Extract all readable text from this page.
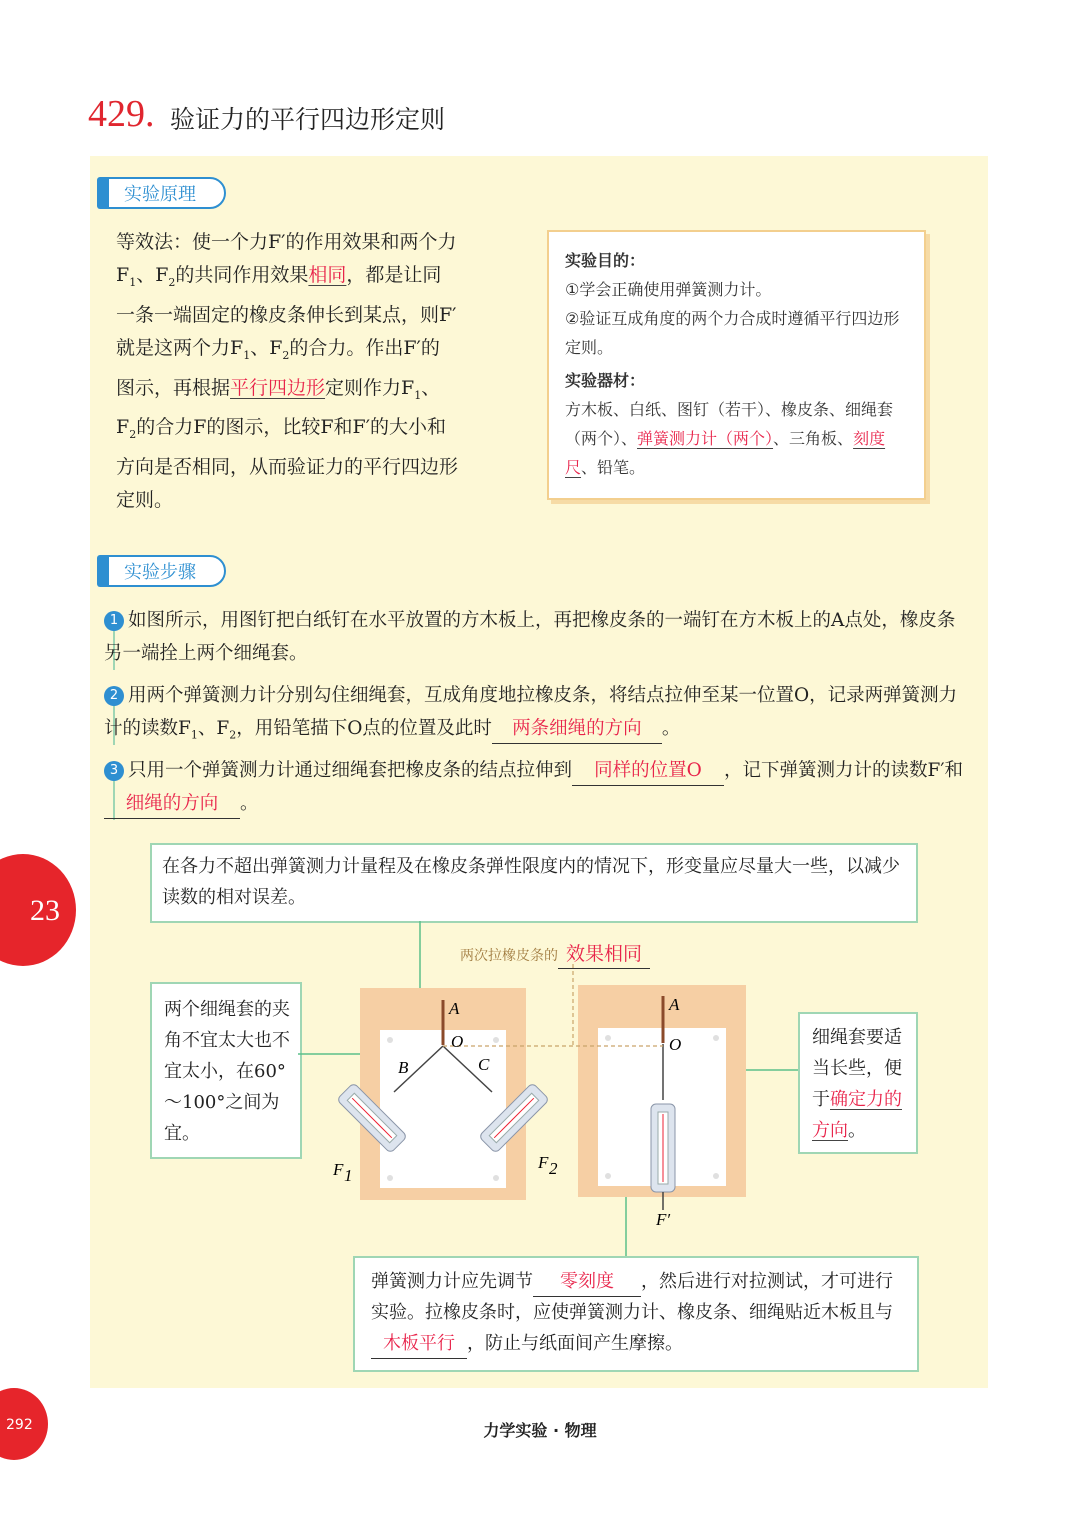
429. 验证力的平行四边形定则
实验原理
等效法：使一个力F′的作用效果和两个力$F_1$、$F_2$的共同作用效果相同，都是让同一条一端固定的橡皮条伸长到某点，则F′就是这两个力$F_1$、$F_2$的合力。作出F′的图示，再根据平行四边形定则作力$F_1$、$F_2$的合力F的图示，比较F和F′的大小和方向是否相同，从而验证力的平行四边形定则。
实验目的：
①学会正确使用弹簧测力计。
②验证互成角度的两个力合成时遵循平行四边形定则。
实验器材：
方木板、白纸、图钉（若干）、橡皮条、细绳套（两个）、弹簧测力计（两个）、三角板、刻度尺、铅笔。
实验步骤
1 如图所示，用图钉把白纸钉在水平放置的方木板上，再把橡皮条的一端钉在方木板上的A点处，橡皮条另一端拴上两个细绳套。
2 用两个弹簧测力计分别勾住细绳套，互成角度地拉橡皮条，将结点拉伸至某一位置O，记录两弹簧测力计的读数$F_1$、$F_2$，用铅笔描下O点的位置及此时 两条细绳的方向 。
3 只用一个弹簧测力计通过细绳套把橡皮条的结点拉伸到 同样的位置O ，记下弹簧测力计的读数F′和细绳的方向 。
在各力不超出弹簧测力计量程及在橡皮条弹性限度内的情况下，形变量应尽量大一些，以减少读数的相对误差。
两次拉橡皮条的 效果相同
两个细绳套的夹角不宜太大也不宜太小，在60°～100°之间为宜。
细绳套要适当长些，便于确定力的方向。
弹簧测力计应先调节 零刻度 ，然后进行对拉测试，才可进行实验。拉橡皮条时，应使弹簧测力计、橡皮条、细绳贴近木板且与木板平行 ，防止与纸面间产生摩擦。
A
O
B	C
F 1
F 2
A
O
F′
23
292	力学实验 · 物理
